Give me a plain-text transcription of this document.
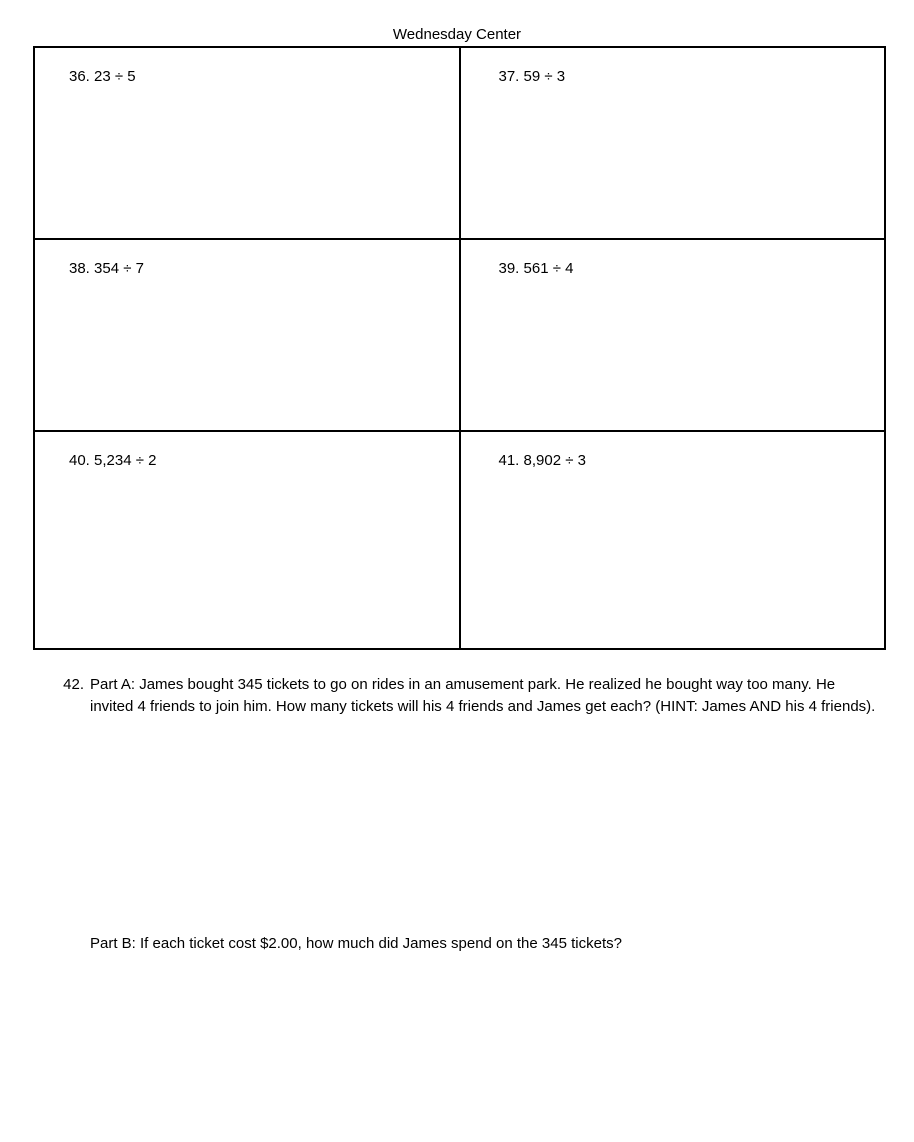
Wednesday Center
36. 23 ÷ 5	37. 59 ÷ 3
38. 354 ÷ 7	39. 561 ÷ 4
40. 5,234 ÷ 2	41. 8,902 ÷ 3
42. Part A: James bought 345 tickets to go on rides in an amusement park. He realized he bought way too many. He invited 4 friends to join him. How many tickets will his 4 friends and James get each? (HINT: James AND his 4 friends).
Part B: If each ticket cost $2.00, how much did James spend on the 345 tickets?
